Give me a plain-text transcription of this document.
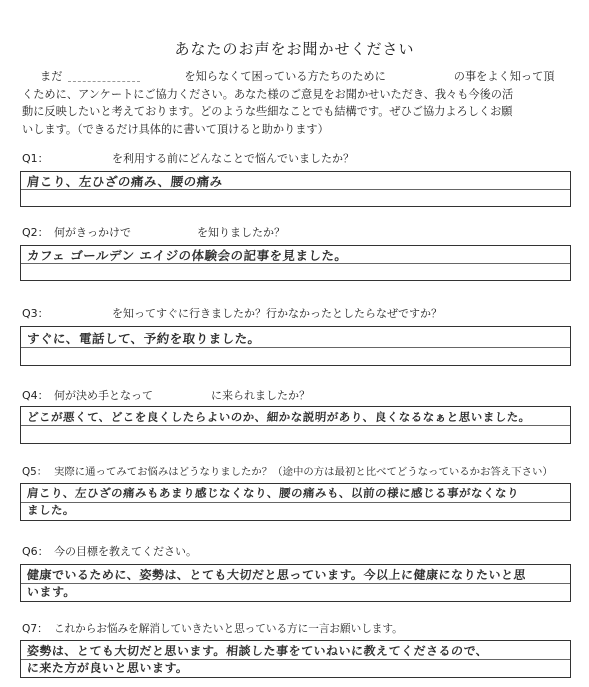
あなたのお声をお聞かせください
まだ	を知らなくて困っている方たちのために	の事をよく知って頂
くために、アンケートにご協力ください。あなた様のご意見をお聞かせいただき、我々も今後の活
動に反映したいと考えております。どのような些細なことでも結構です。ぜひご協力よろしくお願
いします。（できるだけ具体的に書いて頂けると助かります）
Q1：	を利用する前にどんなことで悩んでいましたか？
肩こり、左ひざの痛み、腰の痛み
Q2： 何がきっかけで	を知りましたか？
カフェ ゴールデン エイジの体験会の記事を見ました。
Q3：	を知ってすぐに行きましたか？行かなかったとしたらなぜですか？
すぐに、電話して、予約を取りました。
Q4： 何が決め手となって	に来られましたか？
どこが悪くて、どこを良くしたらよいのか、細かな説明があり、良くなるなぁと思いました。
Q5： 実際に通ってみてお悩みはどうなりましたか？（途中の方は最初と比べてどうなっているかお答え下さい）
肩こり、左ひざの痛みもあまり感じなくなり、腰の痛みも、以前の様に感じる事がなくなり
ました。
Q6： 今の目標を教えてください。
健康でいるために、姿勢は、とても大切だと思っています。今以上に健康になりたいと思
います。
Q7： これからお悩みを解消していきたいと思っている方に一言お願いします。
姿勢は、とても大切だと思います。相談した事をていねいに教えてくださるので、
に来た方が良いと思います。
